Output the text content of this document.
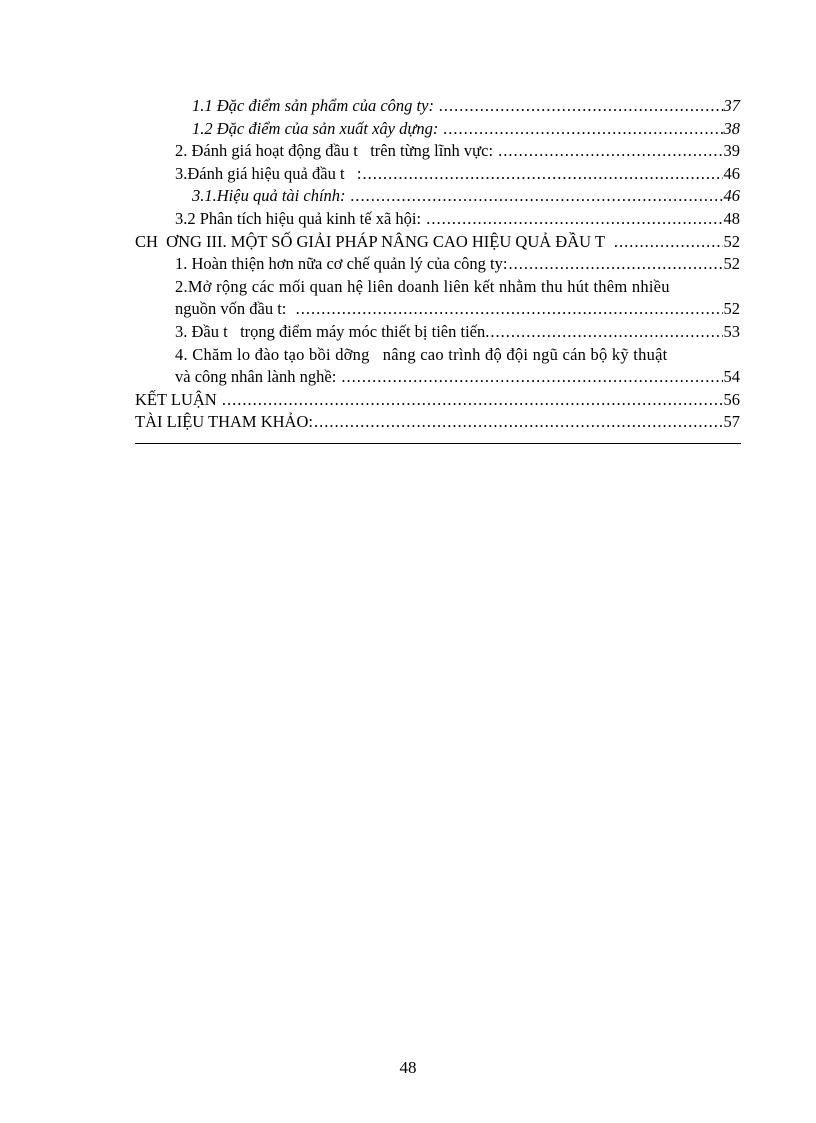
1.1 Đặc điểm sản phẩm của công ty: .....	37
1.2 Đặc điểm của sản xuất xây dựng: .....	38
2. Đánh giá hoạt động đầu t   trên từng lĩnh vực: .....	39
3.Đánh giá hiệu quả đầu t   : .....	46
3.1.Hiệu quả tài chính: .....	46
3.2 Phân tích hiệu quả kinh tế xã hội: .....	48
CH  ƠNG III. MỘT SỐ GIẢI PHÁP NÂNG CAO HIỆU QUẢ ĐẦU T .....	52
1. Hoàn thiện hơn nữa cơ chế quản lý của công ty: .....	52
2.Mở rộng các mối quan hệ liên doanh liên kết nhằm thu hút thêm nhiều
nguồn vốn đầu t: .....	52
3. Đầu t   trọng điểm máy móc thiết bị tiên tiến. .....	53
4. Chăm lo đào tạo bồi dỡng   nâng cao trình độ đội ngũ cán bộ kỹ thuật
và công nhân lành nghề: .....	54
KẾT LUẬN .....	56
TÀI LIỆU THAM KHẢO: .....	57
48
